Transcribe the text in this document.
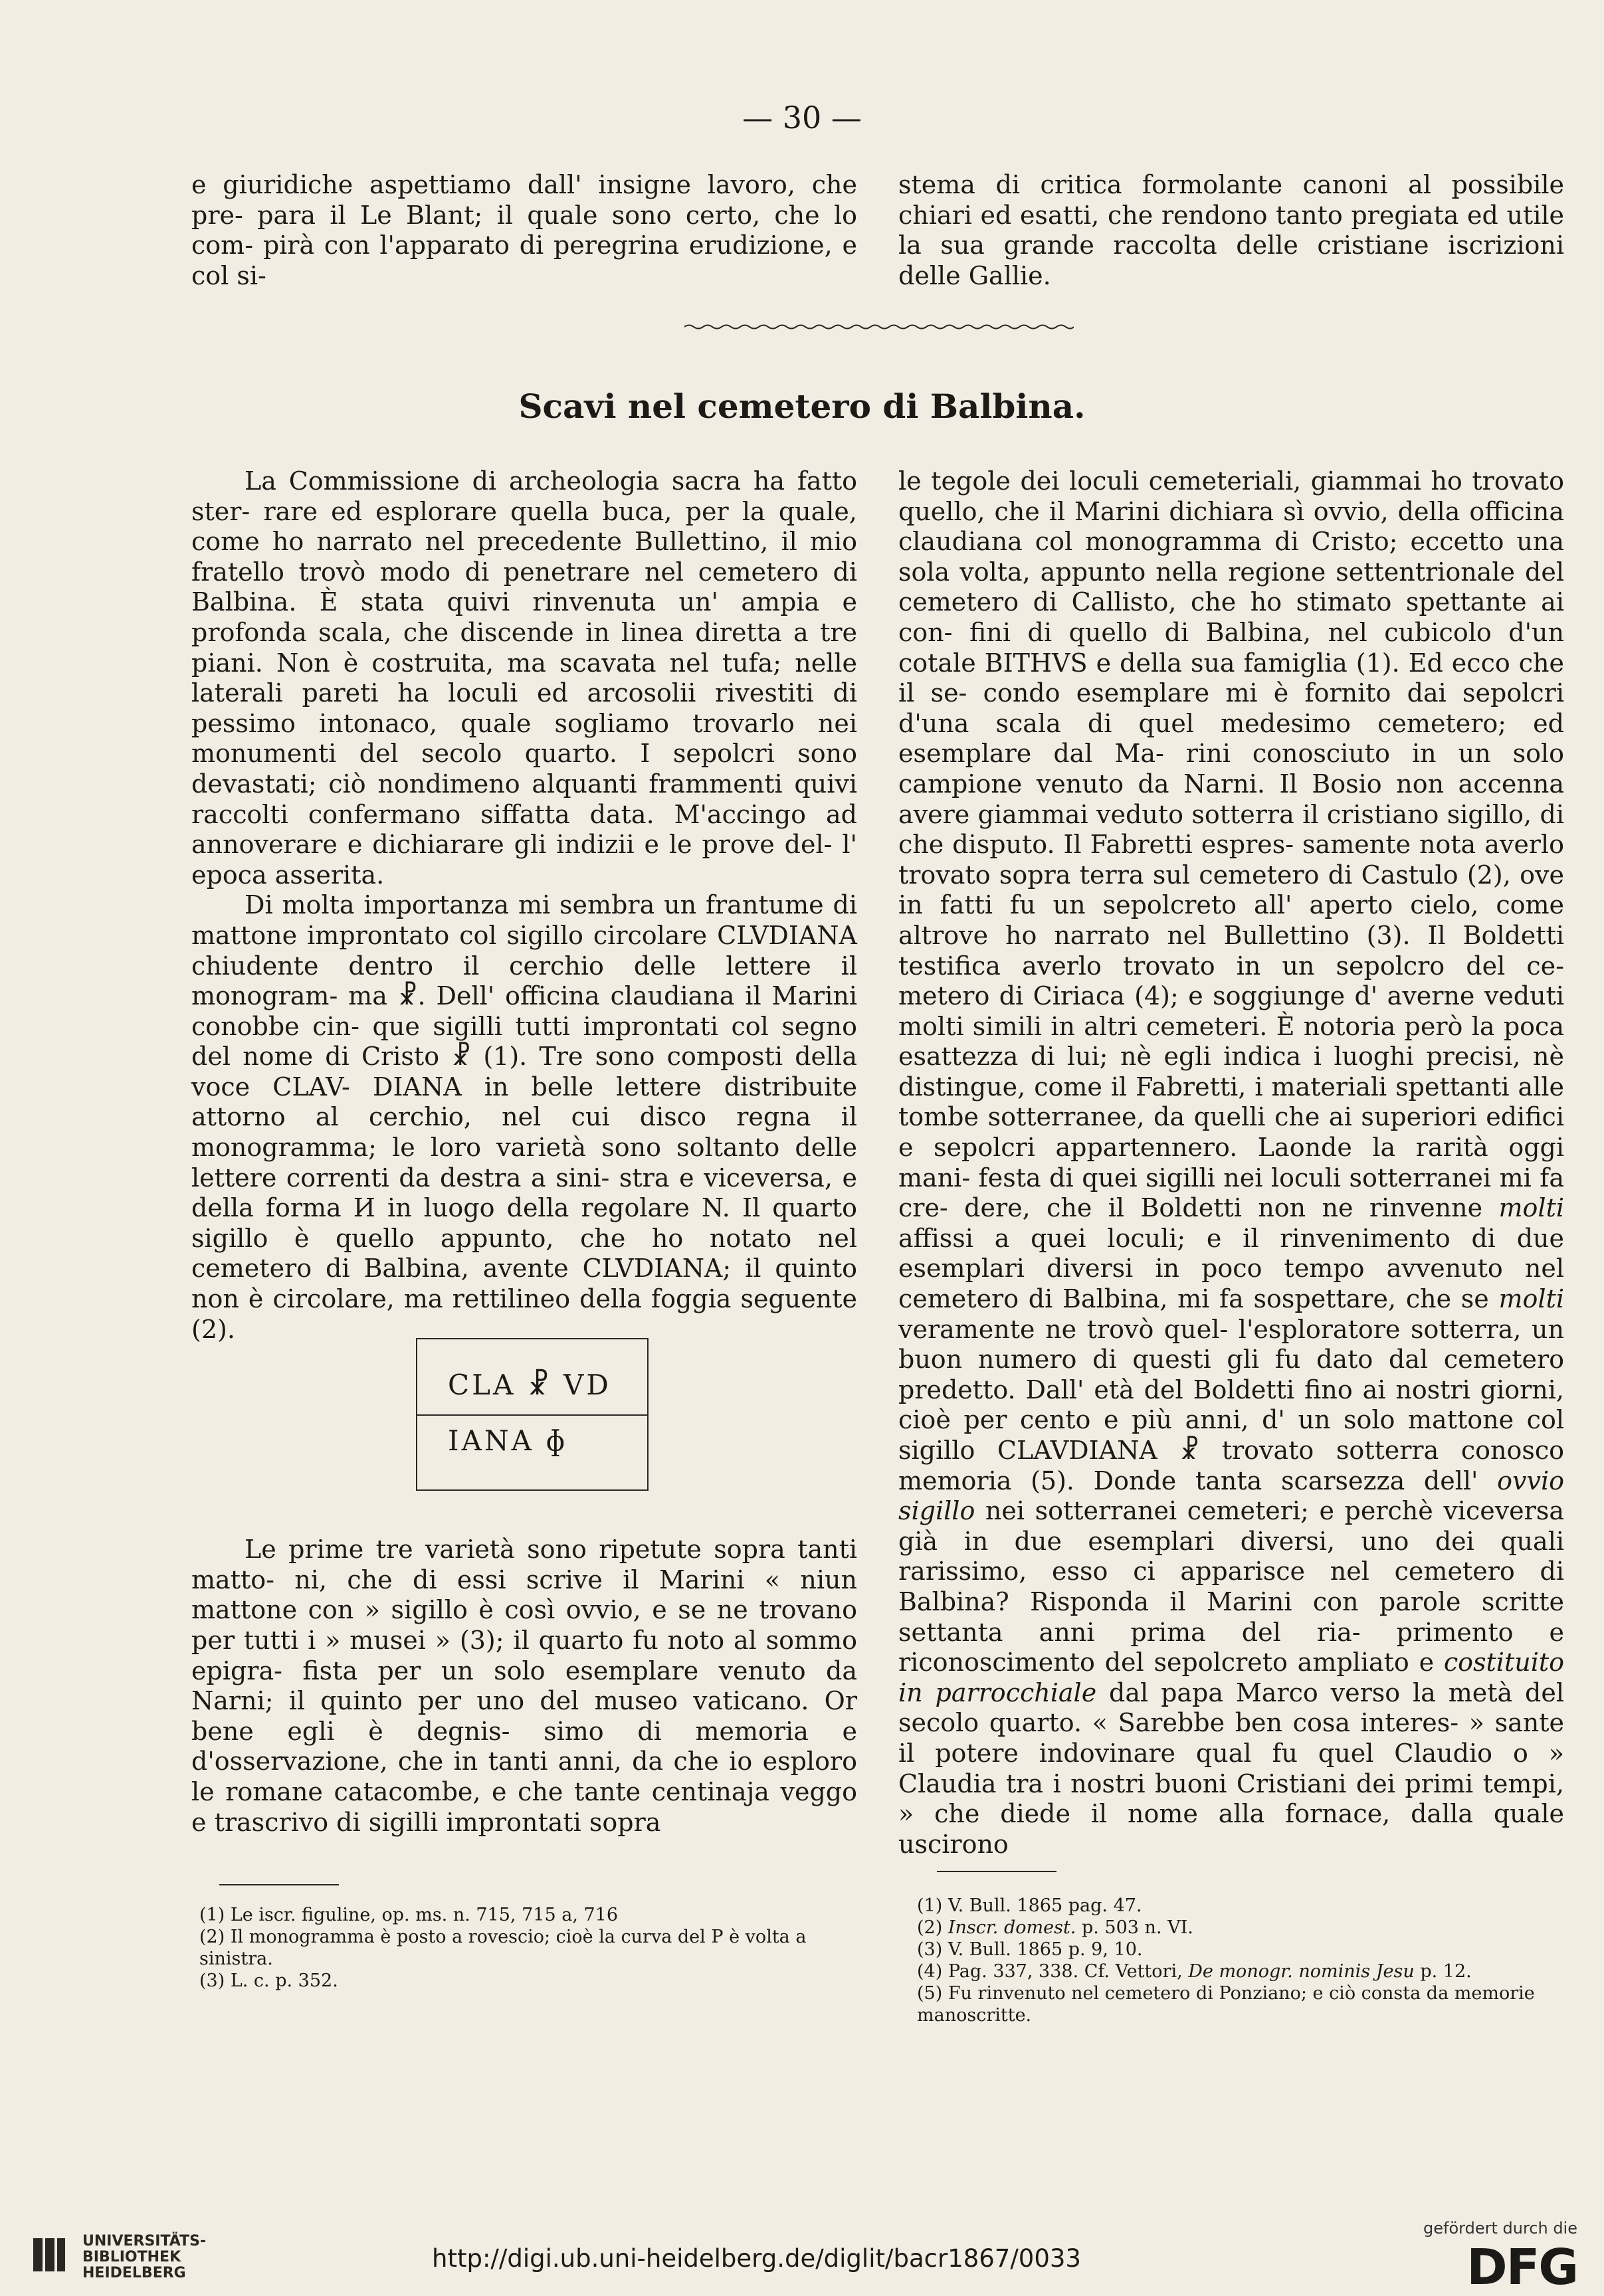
— 30 —

e giuridiche aspettiamo dall' insigne lavoro, che pre- para il Le Blant; il quale sono certo, che lo com- pirà con l'apparato di peregrina erudizione, e col si-

stema di critica formolante canoni al possibile chiari ed esatti, che rendono tanto pregiata ed utile la sua grande raccolta delle cristiane iscrizioni delle Gallie.

Scavi nel cemetero di Balbina.

La Commissione di archeologia sacra ha fatto ster- rare ed esplorare quella buca, per la quale, come ho narrato nel precedente Bullettino, il mio fratello trovò modo di penetrare nel cemetero di Balbina. È stata quivi rinvenuta un' ampia e profonda scala, che discende in linea diretta a tre piani. Non è costruita, ma scavata nel tufa; nelle laterali pareti ha loculi ed arcosolii rivestiti di pessimo intonaco, quale sogliamo trovarlo nei monumenti del secolo quarto. I sepolcri sono devastati; ciò nondimeno alquanti frammenti quivi raccolti confermano siffatta data. M'accingo ad annoverare e dichiarare gli indizii e le prove del- l' epoca asserita.

Di molta importanza mi sembra un frantume di mattone improntato col sigillo circolare CLVDIANA chiudente dentro il cerchio delle lettere il monogram- ma ☧. Dell' officina claudiana il Marini conobbe cin- que sigilli tutti improntati col segno del nome di Cristo ☧ (1). Tre sono composti della voce CLAV- DIANA in belle lettere distribuite attorno al cerchio, nel cui disco regna il monogramma; le loro varietà sono soltanto delle lettere correnti da destra a sini- stra e viceversa, e della forma И in luogo della regolare N. Il quarto sigillo è quello appunto, che ho notato nel cemetero di Balbina, avente CLVDIANA; il quinto non è circolare, ma rettilineo della foggia seguente (2).

Le prime tre varietà sono ripetute sopra tanti matto- ni, che di essi scrive il Marini « niun mattone con » sigillo è così ovvio, e se ne trovano per tutti i » musei » (3); il quarto fu noto al sommo epigra- fista per un solo esemplare venuto da Narni; il quinto per uno del museo vaticano. Or bene egli è degnis- simo di memoria e d'osservazione, che in tanti anni, da che io esploro le romane catacombe, e che tante centinaja veggo e trascrivo di sigilli improntati sopra

CLA ☧ VD
IANA ɸ

le tegole dei loculi cemeteriali, giammai ho trovato quello, che il Marini dichiara sì ovvio, della officina claudiana col monogramma di Cristo; eccetto una sola volta, appunto nella regione settentrionale del cemetero di Callisto, che ho stimato spettante ai con- fini di quello di Balbina, nel cubicolo d'un cotale BITHVS e della sua famiglia (1). Ed ecco che il se- condo esemplare mi è fornito dai sepolcri d'una scala di quel medesimo cemetero; ed esemplare dal Ma- rini conosciuto in un solo campione venuto da Narni. Il Bosio non accenna avere giammai veduto sotterra il cristiano sigillo, di che disputo. Il Fabretti espres- samente nota averlo trovato sopra terra sul cemetero di Castulo (2), ove in fatti fu un sepolcreto all' aperto cielo, come altrove ho narrato nel Bullettino (3). Il Boldetti testifica averlo trovato in un sepolcro del ce- metero di Ciriaca (4); e soggiunge d' averne veduti molti simili in altri cemeteri. È notoria però la poca esattezza di lui; nè egli indica i luoghi precisi, nè distingue, come il Fabretti, i materiali spettanti alle tombe sotterranee, da quelli che ai superiori edifici e sepolcri appartennero. Laonde la rarità oggi mani- festa di quei sigilli nei loculi sotterranei mi fa cre- dere, che il Boldetti non ne rinvenne molti affissi a quei loculi; e il rinvenimento di due esemplari diversi in poco tempo avvenuto nel cemetero di Balbina, mi fa sospettare, che se molti veramente ne trovò quel- l'esploratore sotterra, un buon numero di questi gli fu dato dal cemetero predetto. Dall' età del Boldetti fino ai nostri giorni, cioè per cento e più anni, d' un solo mattone col sigillo CLAVDIANA ☧ trovato sotterra conosco memoria (5). Donde tanta scarsezza dell' ovvio sigillo nei sotterranei cemeteri; e perchè viceversa già in due esemplari diversi, uno dei quali rarissimo, esso ci apparisce nel cemetero di Balbina? Risponda il Marini con parole scritte settanta anni prima del ria- primento e riconoscimento del sepolcreto ampliato e costituito in parrocchiale dal papa Marco verso la metà del secolo quarto. « Sarebbe ben cosa interes- » sante il potere indovinare qual fu quel Claudio o » Claudia tra i nostri buoni Cristiani dei primi tempi, » che diede il nome alla fornace, dalla quale uscirono

(1) Le iscr. figuline, op. ms. n. 715, 715 a, 716

(2) Il monogramma è posto a rovescio; cioè la curva del P è volta a sinistra.

(3) L. c. p. 352.

(1) V. Bull. 1865 pag. 47.

(2) Inscr. domest. p. 503 n. VI.

(3) V. Bull. 1865 p. 9, 10.

(4) Pag. 337, 338. Cf. Vettori, De monogr. nominis Jesu p. 12.

(5) Fu rinvenuto nel cemetero di Ponziano; e ciò consta da memorie manoscritte.

UNIVERSITÄTS-
BIBLIOTHEK
HEIDELBERG
http://digi.ub.uni-heidelberg.de/diglit/bacr1867/0033
gefördert durch die
DFG
